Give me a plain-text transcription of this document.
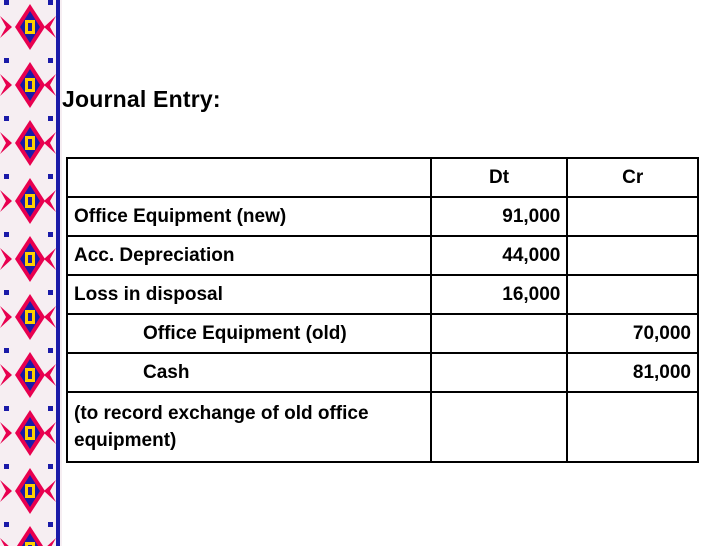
Journal Entry:
	Dt	Cr
Office Equipment (new)	91,000	
Acc. Depreciation	44,000	
Loss in disposal	16,000	
Office Equipment (old)		70,000
Cash		81,000
(to record exchange of old office equipment)		
